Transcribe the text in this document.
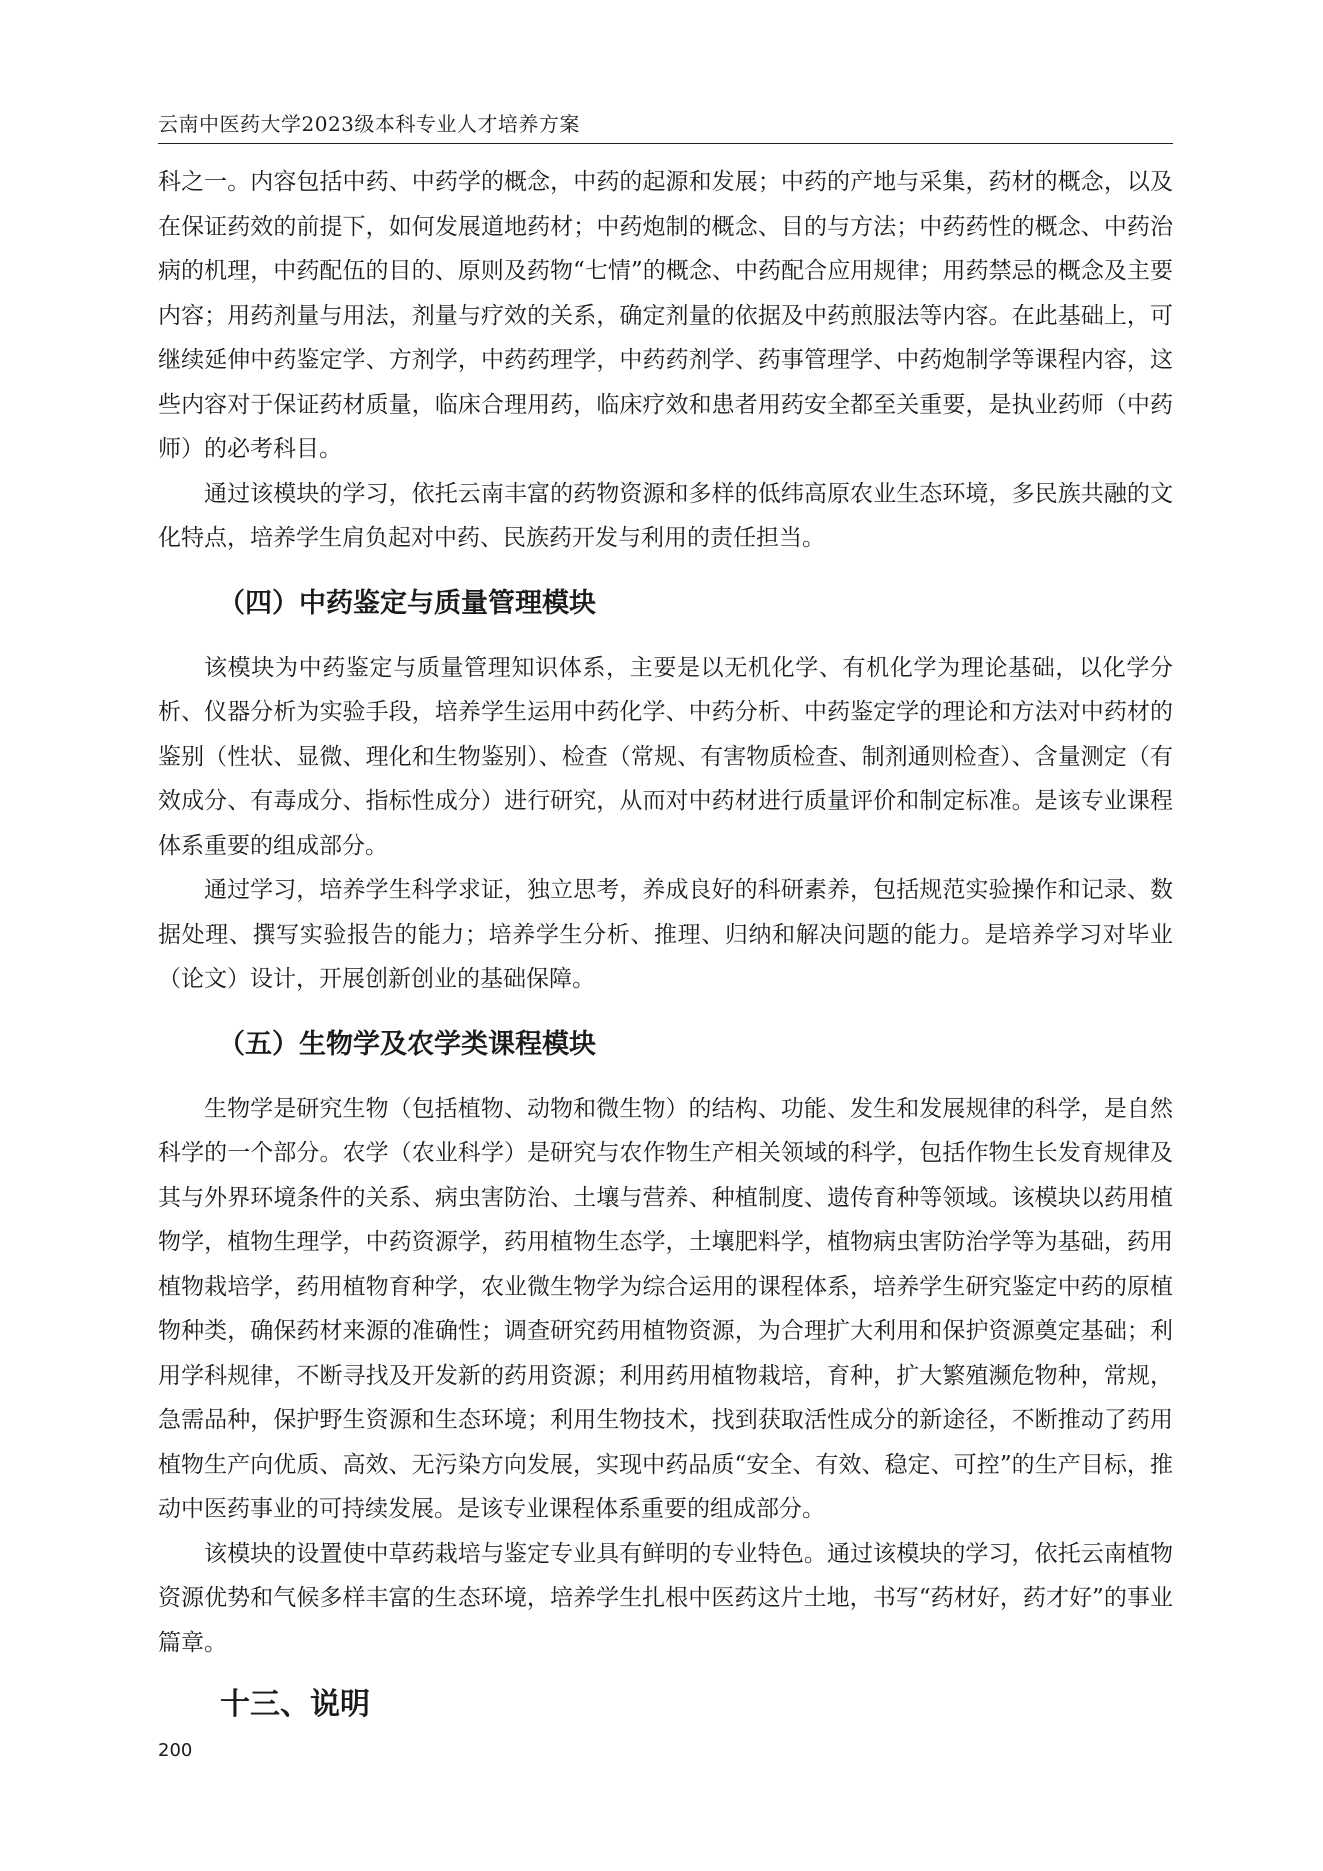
云南中医药大学2023级本科专业人才培养方案

科之一。内容包括中药、中药学的概念，中药的起源和发展；中药的产地与采集，药材的概念，以及在保证药效的前提下，如何发展道地药材；中药炮制的概念、目的与方法；中药药性的概念、中药治病的机理，中药配伍的目的、原则及药物“七情”的概念、中药配合应用规律；用药禁忌的概念及主要内容；用药剂量与用法，剂量与疗效的关系，确定剂量的依据及中药煎服法等内容。在此基础上，可继续延伸中药鉴定学、方剂学，中药药理学，中药药剂学、药事管理学、中药炮制学等课程内容，这些内容对于保证药材质量，临床合理用药，临床疗效和患者用药安全都至关重要，是执业药师（中药师）的必考科目。

通过该模块的学习，依托云南丰富的药物资源和多样的低纬高原农业生态环境，多民族共融的文化特点，培养学生肩负起对中药、民族药开发与利用的责任担当。

（四）中药鉴定与质量管理模块

该模块为中药鉴定与质量管理知识体系，主要是以无机化学、有机化学为理论基础，以化学分析、仪器分析为实验手段，培养学生运用中药化学、中药分析、中药鉴定学的理论和方法对中药材的鉴别（性状、显微、理化和生物鉴别）、检查（常规、有害物质检查、制剂通则检查）、含量测定（有效成分、有毒成分、指标性成分）进行研究，从而对中药材进行质量评价和制定标准。是该专业课程体系重要的组成部分。

通过学习，培养学生科学求证，独立思考，养成良好的科研素养，包括规范实验操作和记录、数据处理、撰写实验报告的能力；培养学生分析、推理、归纳和解决问题的能力。是培养学习对毕业（论文）设计，开展创新创业的基础保障。

（五）生物学及农学类课程模块

生物学是研究生物（包括植物、动物和微生物）的结构、功能、发生和发展规律的科学，是自然科学的一个部分。农学（农业科学）是研究与农作物生产相关领域的科学，包括作物生长发育规律及其与外界环境条件的关系、病虫害防治、土壤与营养、种植制度、遗传育种等领域。该模块以药用植物学，植物生理学，中药资源学，药用植物生态学，土壤肥料学，植物病虫害防治学等为基础，药用植物栽培学，药用植物育种学，农业微生物学为综合运用的课程体系，培养学生研究鉴定中药的原植物种类，确保药材来源的准确性；调查研究药用植物资源，为合理扩大利用和保护资源奠定基础；利用学科规律，不断寻找及开发新的药用资源；利用药用植物栽培，育种，扩大繁殖濒危物种，常规，急需品种，保护野生资源和生态环境；利用生物技术，找到获取活性成分的新途径，不断推动了药用植物生产向优质、高效、无污染方向发展，实现中药品质“安全、有效、稳定、可控”的生产目标，推动中医药事业的可持续发展。是该专业课程体系重要的组成部分。

该模块的设置使中草药栽培与鉴定专业具有鲜明的专业特色。通过该模块的学习，依托云南植物资源优势和气候多样丰富的生态环境，培养学生扎根中医药这片土地，书写“药材好，药才好”的事业篇章。

十三、说明
200
